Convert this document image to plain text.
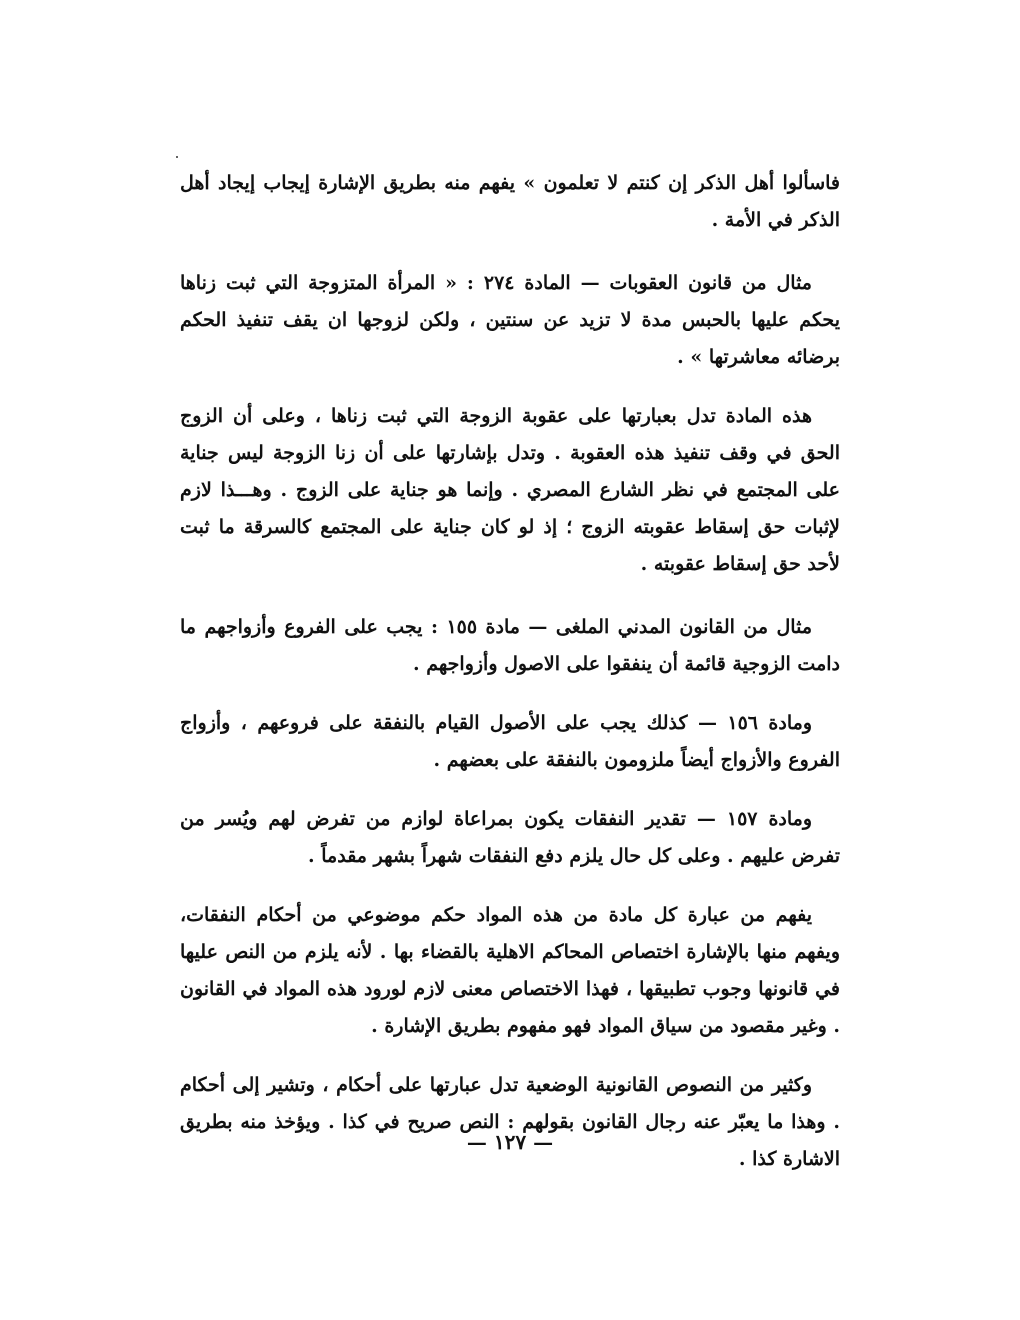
فاسألوا أهل الذكر إن كنتم لا تعلمون » يفهم منه بطريق الإشارة إيجاب إيجاد أهل الذكر في الأمة .

مثال من قانون العقوبات — المادة ٢٧٤ : « المرأة المتزوجة التي ثبت زناها يحكم عليها بالحبس مدة لا تزيد عن سنتين ، ولكن لزوجها ان يقف تنفيذ الحكم برضائه معاشرتها » .

هذه المادة تدل بعبارتها على عقوبة الزوجة التي ثبت زناها ، وعلى أن الزوج الحق في وقف تنفيذ هذه العقوبة . وتدل بإشارتها على أن زنا الزوجة ليس جناية على المجتمع في نظر الشارع المصري . وإنما هو جناية على الزوج . وهـــذا لازم لإثبات حق إسقاط عقوبته الزوج ؛ إذ لو كان جناية على المجتمع كالسرقة ما ثبت لأحد حق إسقاط عقوبته .

مثال من القانون المدني الملغى — مادة ١٥٥ : يجب على الفروع وأزواجهم ما دامت الزوجية قائمة أن ينفقوا على الاصول وأزواجهم .

ومادة ١٥٦ — كذلك يجب على الأصول القيام بالنفقة على فروعهم ، وأزواج الفروع والأزواج أيضاً ملزومون بالنفقة على بعضهم .

ومادة ١٥٧ — تقدير النفقات يكون بمراعاة لوازم من تفرض لهم ويُسر من تفرض عليهم . وعلى كل حال يلزم دفع النفقات شهراً بشهر مقدماً .

يفهم من عبارة كل مادة من هذه المواد حكم موضوعي من أحكام النفقات، ويفهم منها بالإشارة اختصاص المحاكم الاهلية بالقضاء بها . لأنه يلزم من النص عليها في قانونها وجوب تطبيقها ، فهذا الاختصاص معنى لازم لورود هذه المواد في القانون . وغير مقصود من سياق المواد فهو مفهوم بطريق الإشارة .

وكثير من النصوص القانونية الوضعية تدل عبارتها على أحكام ، وتشير إلى أحكام . وهذا ما يعبّر عنه رجال القانون بقولهم : النص صريح في كذا . ويؤخذ منه بطريق الاشارة كذا .

— ١٢٧ —
